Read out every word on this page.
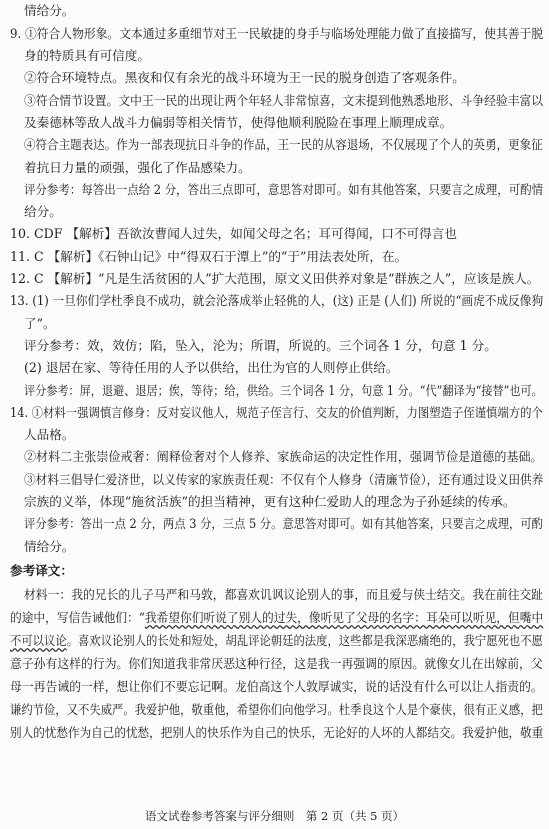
情给分。
9. ①符合人物形象。文本通过多重细节对王一民敏捷的身手与临场处理能力做了直接描写，使其善于脱
身的特质具有可信度。
②符合环境特点。黑夜和仅有余光的战斗环境为王一民的脱身创造了客观条件。
③符合情节设置。文中王一民的出现让两个年轻人非常惊喜，文末提到他熟悉地形、斗争经验丰富以
及秦德林等敌人战斗力偏弱等相关情节，使得他顺利脱险在事理上顺理成章。
④符合主题表达。作为一部表现抗日斗争的作品，王一民的从容退场，不仅展现了个人的英勇，更象征
着抗日力量的顽强，强化了作品感染力。
评分参考：每答出一点给 2 分，答出三点即可，意思答对即可。如有其他答案，只要言之成理，可酌情
给分。
10. CDF 【解析】吾欲汝曹闻人过失，如闻父母之名；耳可得闻，口不可得言也
11. C 【解析】《石钟山记》中“得双石于潭上”的“于”用法表处所，在。
12. C 【解析】“凡是生活贫困的人”扩大范围，原文义田供养对象是“群族之人”，应该是族人。
13. (1) 一旦你们学杜季良不成功，就会沦落成举止轻佻的人，(这) 正是 (人们) 所说的“画虎不成反像狗
了”。
评分参考：效，效仿；陷，坠入，沦为；所谓，所说的。三个词各 1 分，句意 1 分。
(2) 退居在家、等待任用的人予以供给，出仕为官的人则停止供给。
评分参考：屏，退避、退居；俟，等待；给，供给。三个词各 1 分，句意 1 分。“代”翻译为“接替”也可。
14. ①材料一强调慎言修身：反对妄议他人，规范子侄言行、交友的价值判断，力图塑造子侄谨慎端方的个
人品格。
②材料二主张崇俭戒奢：阐释俭奢对个人修养、家族命运的决定性作用，强调节俭是道德的基础。
③材料三倡导仁爱济世，以义传家的家族责任观：不仅有个人修身（清廉节俭），还有通过设义田供养
宗族的义举，体现“施贫活族”的担当精神，更有这种仁爱助人的理念为子孙延续的传承。
评分参考：答出一点 2 分，两点 3 分，三点 5 分。意思答对即可。如有其他答案，只要言之成理，可酌
情给分。
参考译文：
材料一：我的兄长的儿子马严和马敦，都喜欢讥讽议论别人的事，而且爱与侠士结交。我在前往交趾
的途中，写信告诫他们：“我希望你们听说了别人的过失，像听见了父母的名字：耳朵可以听见，但嘴中
不可以议论。喜欢议论别人的长处和短处，胡乱评论朝廷的法度，这些都是我深恶痛绝的，我宁愿死也不愿
意子孙有这样的行为。你们知道我非常厌恶这种行径，这是我一再强调的原因。就像女儿在出嫁前，父
母一再告诫的一样，想让你们不要忘记啊。龙伯高这个人敦厚诚实，说的话没有什么可以让人指责的。
谦约节俭，又不失威严。我爱护他，敬重他，希望你们向他学习。杜季良这个人是个豪侠，很有正义感，把
别人的忧愁作为自己的忧愁，把别人的快乐作为自己的快乐，无论好的人坏的人都结交。我爱护他，敬重
语文试卷参考答案与评分细则　第 2 页（共 5 页）
